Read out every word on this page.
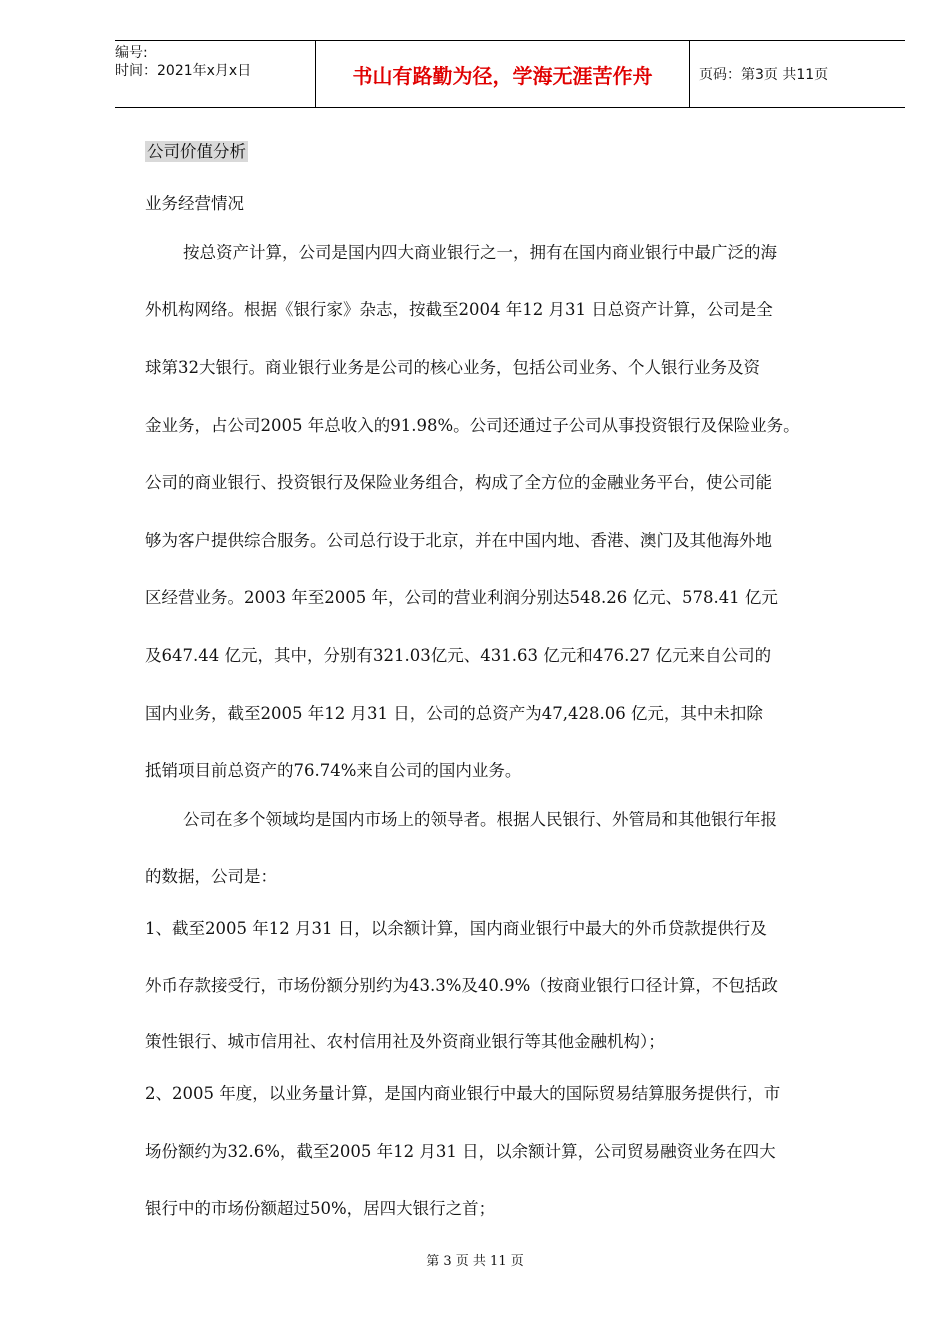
编号:
时间：2021年x月x日	书山有路勤为径，学海无涯苦作舟	页码：第3页 共11页
公司价值分析
业务经营情况
按总资产计算，公司是国内四大商业银行之一，拥有在国内商业银行中最广泛的海
外机构网络。根据《银行家》杂志，按截至2004 年12 月31 日总资产计算，公司是全
球第32大银行。商业银行业务是公司的核心业务，包括公司业务、个人银行业务及资
金业务，占公司2005 年总收入的91.98%。公司还通过子公司从事投资银行及保险业务。
公司的商业银行、投资银行及保险业务组合，构成了全方位的金融业务平台，使公司能
够为客户提供综合服务。公司总行设于北京，并在中国内地、香港、澳门及其他海外地
区经营业务。2003 年至2005 年，公司的营业利润分别达548.26 亿元、578.41 亿元
及647.44 亿元，其中，分别有321.03亿元、431.63 亿元和476.27 亿元来自公司的
国内业务，截至2005 年12 月31 日，公司的总资产为47,428.06 亿元，其中未扣除
抵销项目前总资产的76.74%来自公司的国内业务。
公司在多个领域均是国内市场上的领导者。根据人民银行、外管局和其他银行年报
的数据，公司是：
1、截至2005 年12 月31 日，以余额计算，国内商业银行中最大的外币贷款提供行及
外币存款接受行，市场份额分别约为43.3%及40.9%（按商业银行口径计算，不包括政
策性银行、城市信用社、农村信用社及外资商业银行等其他金融机构）；
2、2005 年度，以业务量计算，是国内商业银行中最大的国际贸易结算服务提供行，市
场份额约为32.6%，截至2005 年12 月31 日，以余额计算，公司贸易融资业务在四大
银行中的市场份额超过50%，居四大银行之首；
第 3 页 共 11 页
